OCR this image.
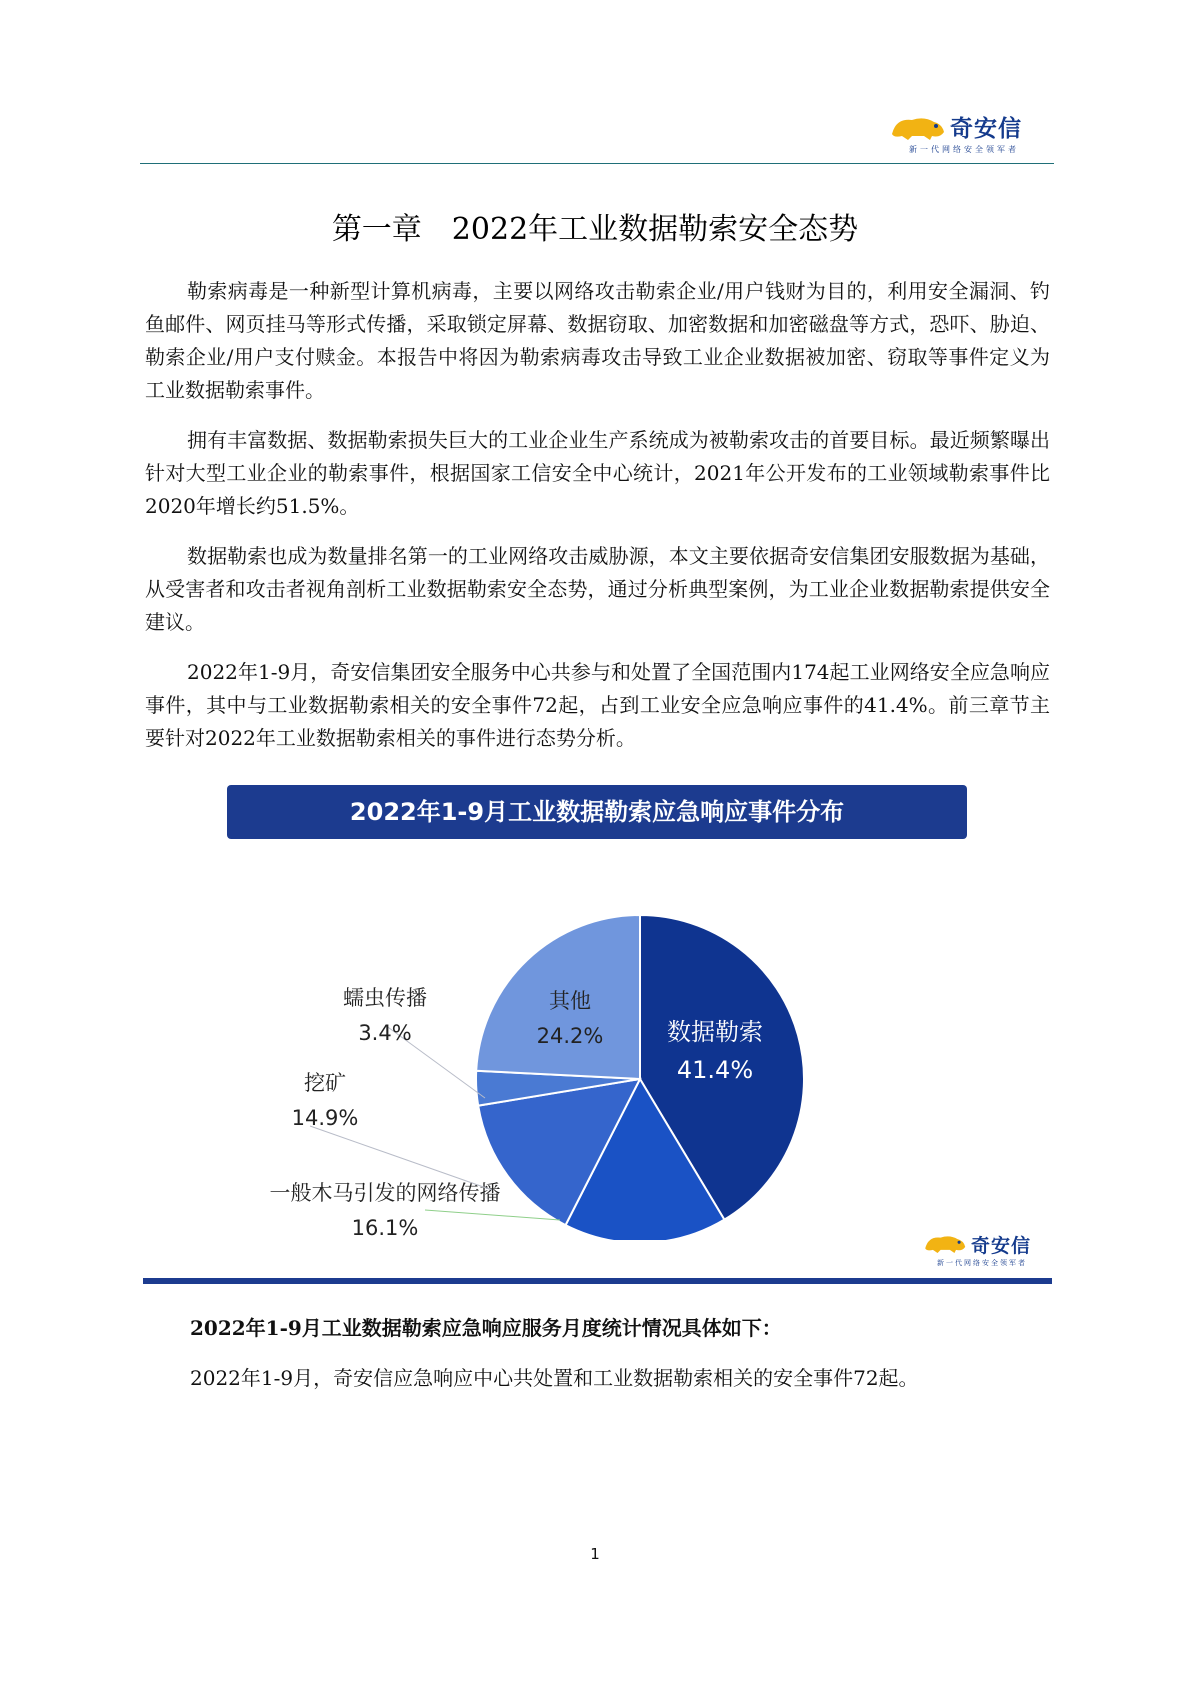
奇安信
新一代网络安全领军者
第一章　2022年工业数据勒索安全态势

勒索病毒是一种新型计算机病毒，主要以网络攻击勒索企业/用户钱财为目的，利用安全漏洞、钓鱼邮件、网页挂马等形式传播，采取锁定屏幕、数据窃取、加密数据和加密磁盘等方式，恐吓、胁迫、勒索企业/用户支付赎金。本报告中将因为勒索病毒攻击导致工业企业数据被加密、窃取等事件定义为工业数据勒索事件。

拥有丰富数据、数据勒索损失巨大的工业企业生产系统成为被勒索攻击的首要目标。最近频繁曝出针对大型工业企业的勒索事件，根据国家工信安全中心统计，2021年公开发布的工业领域勒索事件比2020年增长约51.5%。

数据勒索也成为数量排名第一的工业网络攻击威胁源，本文主要依据奇安信集团安服数据为基础，从受害者和攻击者视角剖析工业数据勒索安全态势，通过分析典型案例，为工业企业数据勒索提供安全建议。

2022年1-9月，奇安信集团安全服务中心共参与和处置了全国范围内174起工业网络安全应急响应事件，其中与工业数据勒索相关的安全事件72起，占到工业安全应急响应事件的41.4%。前三章节主要针对2022年工业数据勒索相关的事件进行态势分析。

2022年1-9月工业数据勒索应急响应事件分布
数据勒索
41.4%
一般木马引发的网络传播
16.1%
挖矿
14.9%
蠕虫传播
3.4%
其他
24.2%
奇安信
新一代网络安全领军者

2022年1-9月工业数据勒索应急响应服务月度统计情况具体如下：

2022年1-9月，奇安信应急响应中心共处置和工业数据勒索相关的安全事件72起。

1
